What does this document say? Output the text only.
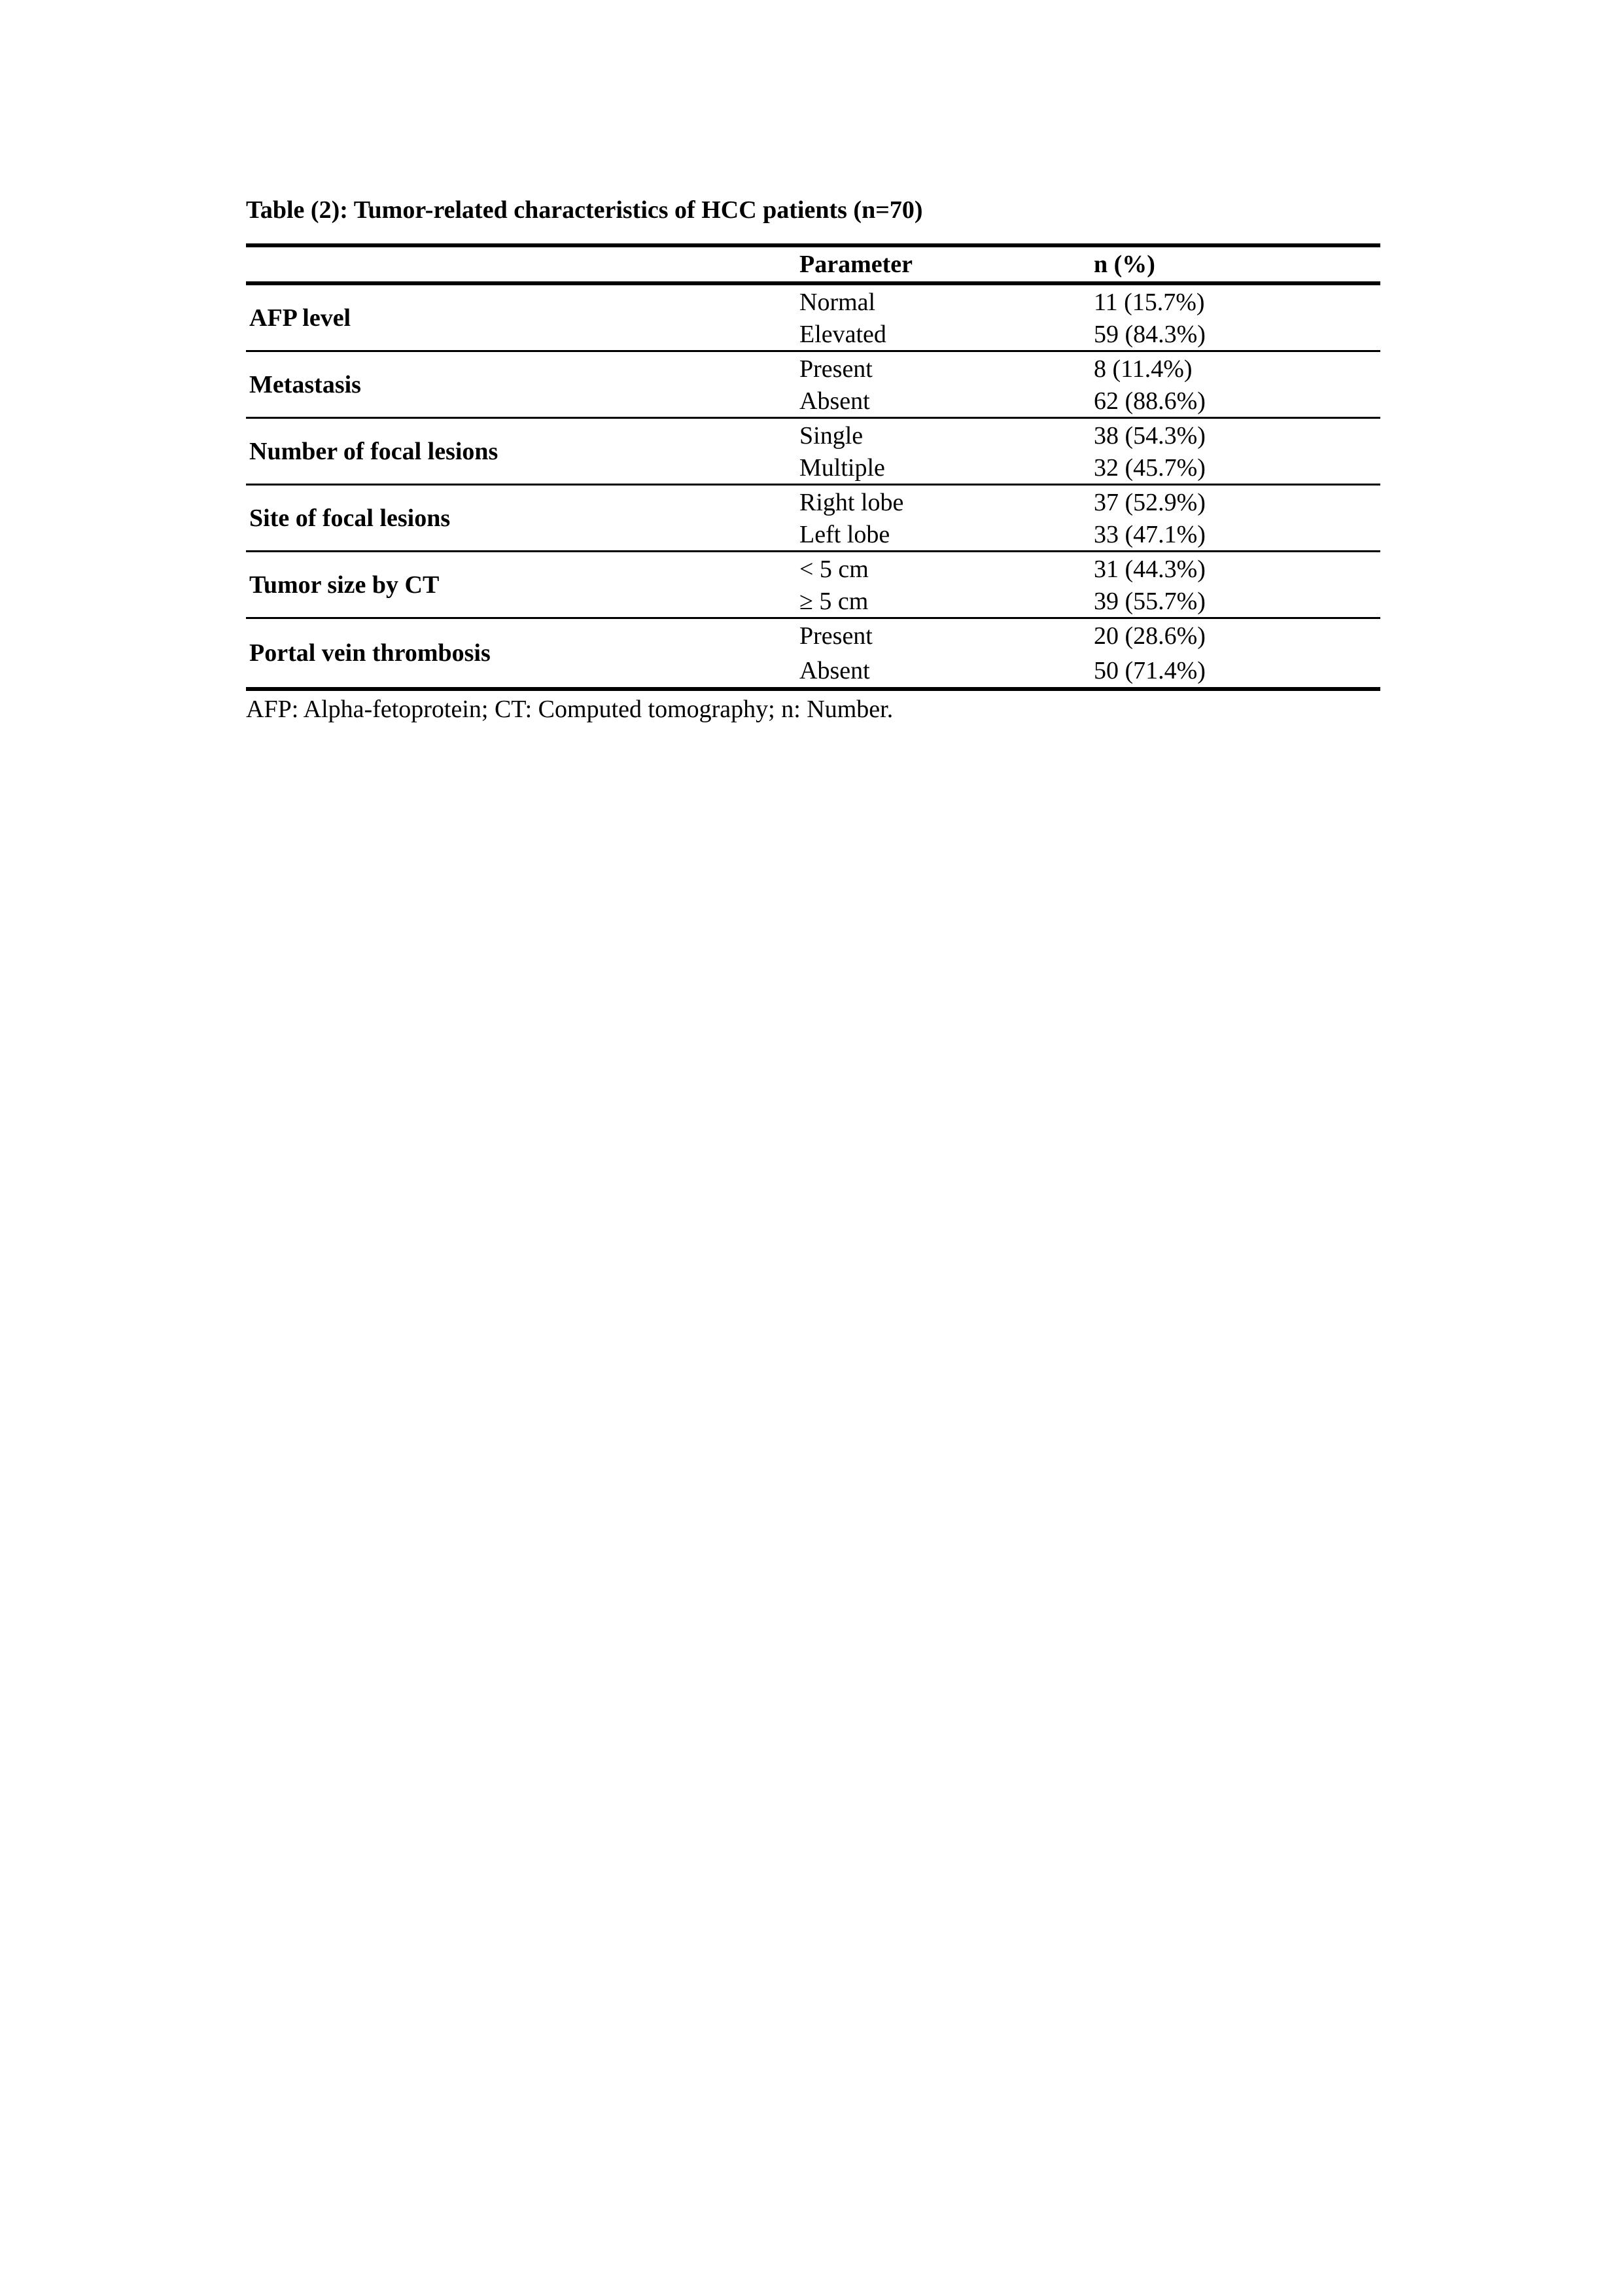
Table (2): Tumor-related characteristics of HCC patients (n=70)
Parameter	n (%)
AFP level
Normal	11 (15.7%)
Elevated	59 (84.3%)
Metastasis
Present	8 (11.4%)
Absent	62 (88.6%)
Number of focal lesions
Single	38 (54.3%)
Multiple	32 (45.7%)
Site of focal lesions
Right lobe	37 (52.9%)
Left lobe	33 (47.1%)
Tumor size by CT
< 5 cm	31 (44.3%)
≥ 5 cm	39 (55.7%)
Portal vein thrombosis
Present	20 (28.6%)
Absent	50 (71.4%)
AFP: Alpha-fetoprotein; CT: Computed tomography; n: Number.
